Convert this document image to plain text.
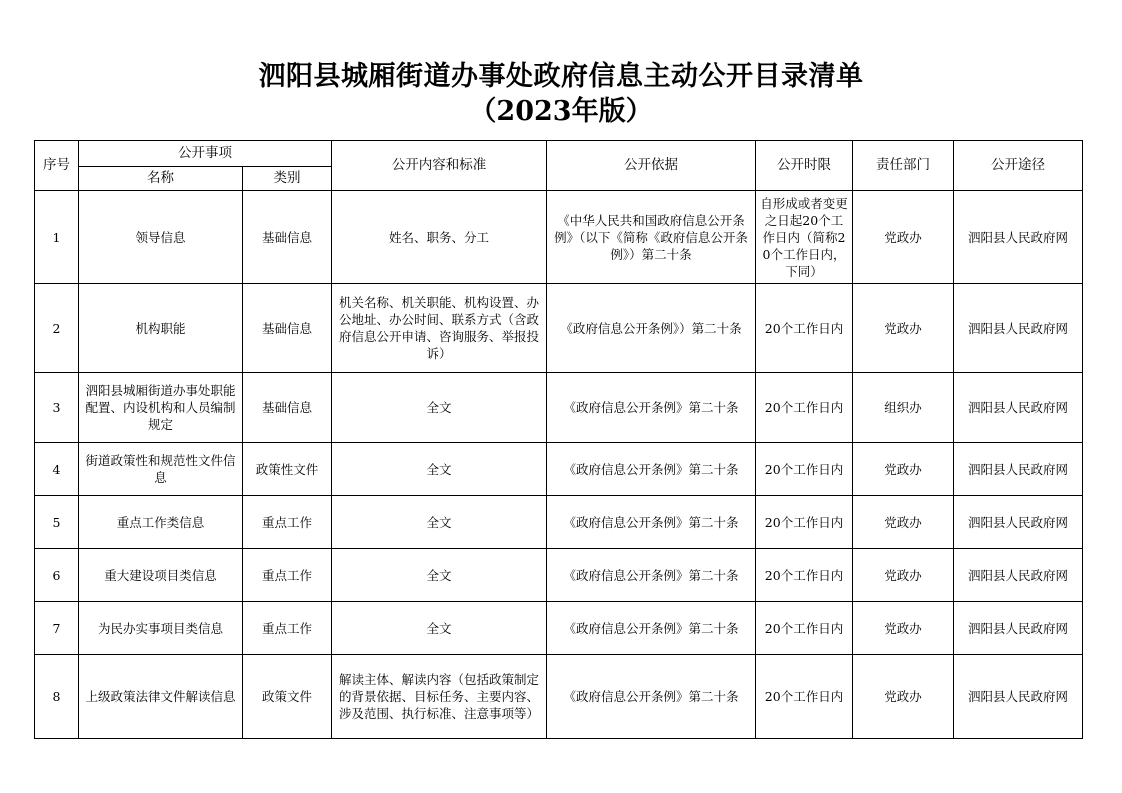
泗阳县城厢街道办事处政府信息主动公开目录清单
（2023年版）
序号	公开事项		公开内容和标准	公开依据	公开时限	责任部门	公开途径
	名称	类别					
1	领导信息	基础信息	姓名、职务、分工	《中华人民共和国政府信息公开条例》（以下《简称《政府信息公开条例》）第二十条	自形成或者变更之日起20个工作日内（简称20个工作日内，下同）	党政办	泗阳县人民政府网
2	机构职能	基础信息	机关名称、机关职能、机构设置、办公地址、办公时间、联系方式（含政府信息公开申请、咨询服务、举报投诉）	《政府信息公开条例》）第二十条	20个工作日内	党政办	泗阳县人民政府网
3	泗阳县城厢街道办事处职能配置、内设机构和人员编制规定	基础信息	全文	《政府信息公开条例》第二十条	20个工作日内	组织办	泗阳县人民政府网
4	街道政策性和规范性文件信息	政策性文件	全文	《政府信息公开条例》第二十条	20个工作日内	党政办	泗阳县人民政府网
5	重点工作类信息	重点工作	全文	《政府信息公开条例》第二十条	20个工作日内	党政办	泗阳县人民政府网
6	重大建设项目类信息	重点工作	全文	《政府信息公开条例》第二十条	20个工作日内	党政办	泗阳县人民政府网
7	为民办实事项目类信息	重点工作	全文	《政府信息公开条例》第二十条	20个工作日内	党政办	泗阳县人民政府网
8	上级政策法律文件解读信息	政策文件	解读主体、解读内容（包括政策制定的背景依据、目标任务、主要内容、涉及范围、执行标准、注意事项等）	《政府信息公开条例》第二十条	20个工作日内	党政办	泗阳县人民政府网
